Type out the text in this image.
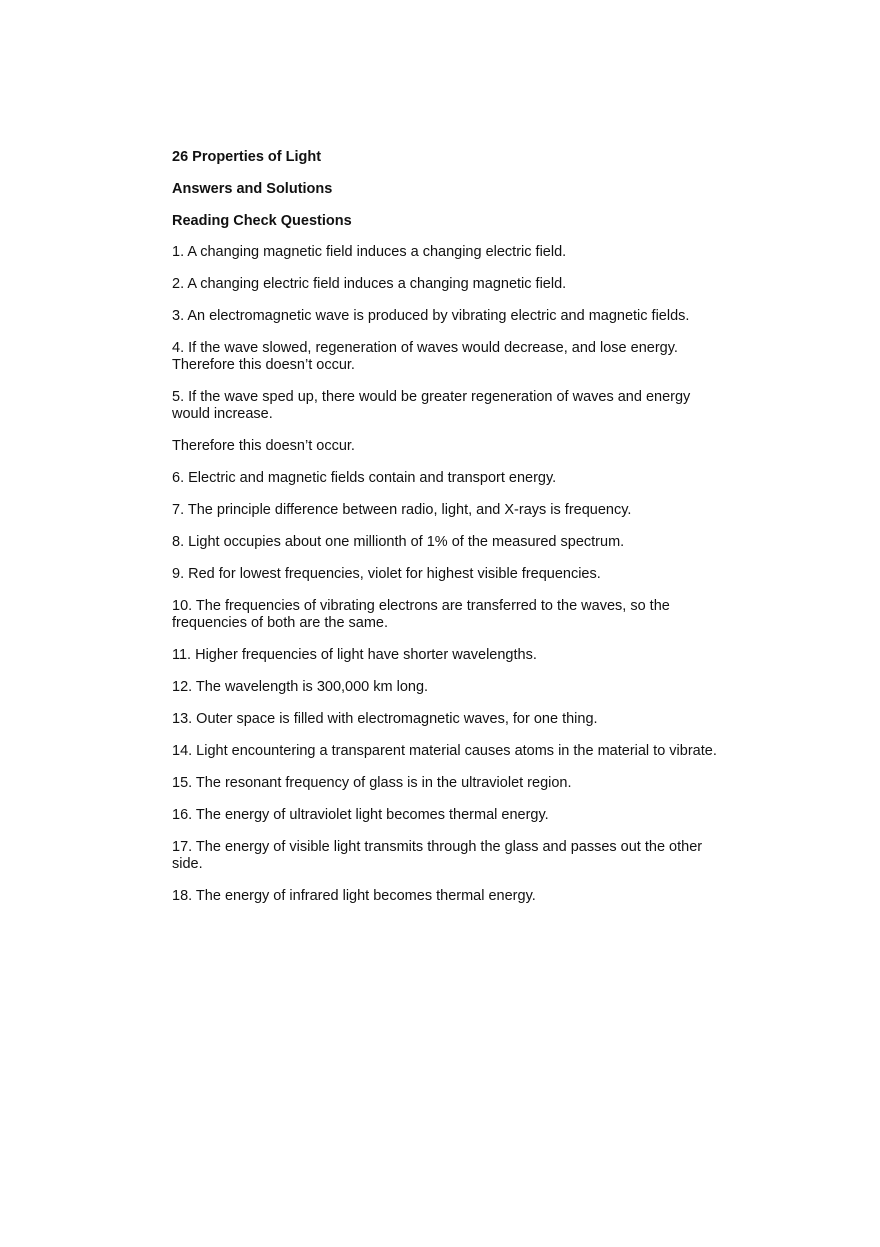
26 Properties of Light

Answers and Solutions

Reading Check Questions

1. A changing magnetic field induces a changing electric field.

2. A changing electric field induces a changing magnetic field.

3. An electromagnetic wave is produced by vibrating electric and magnetic fields.

4. If the wave slowed, regeneration of waves would decrease, and lose energy. Therefore this doesn’t occur.

5. If the wave sped up, there would be greater regeneration of waves and energy would increase.

Therefore this doesn’t occur.

6. Electric and magnetic fields contain and transport energy.

7. The principle difference between radio, light, and X-rays is frequency.

8. Light occupies about one millionth of 1% of the measured spectrum.

9. Red for lowest frequencies, violet for highest visible frequencies.

10. The frequencies of vibrating electrons are transferred to the waves, so the frequencies of both are the same.

11. Higher frequencies of light have shorter wavelengths.

12. The wavelength is 300,000 km long.

13. Outer space is filled with electromagnetic waves, for one thing.

14. Light encountering a transparent material causes atoms in the material to vibrate.

15. The resonant frequency of glass is in the ultraviolet region.

16. The energy of ultraviolet light becomes thermal energy.

17. The energy of visible light transmits through the glass and passes out the other side.

18. The energy of infrared light becomes thermal energy.
